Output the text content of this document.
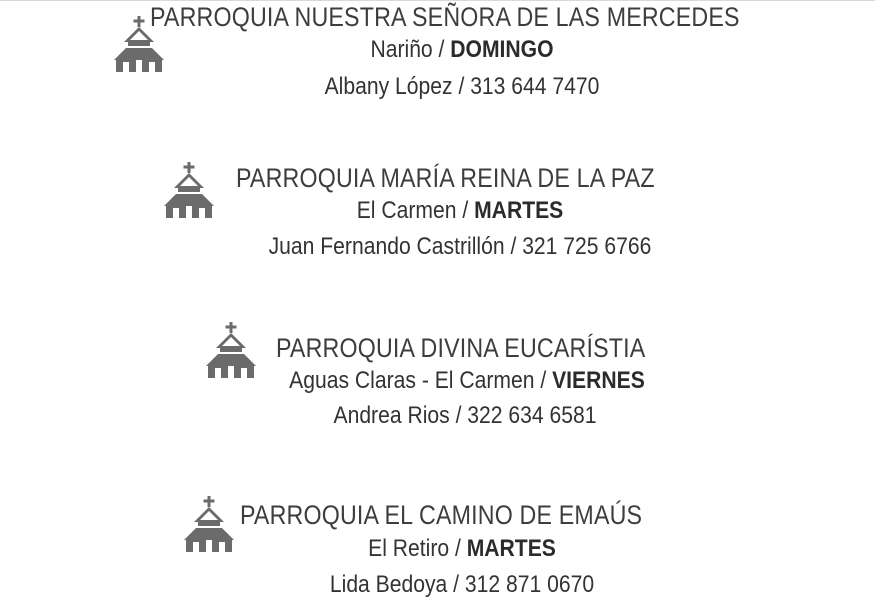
PARROQUIA NUESTRA SEÑORA DE LAS MERCEDES
Nariño / DOMINGO
Albany López / 313 644 7470
PARROQUIA MARÍA REINA DE LA PAZ
El Carmen / MARTES
Juan Fernando Castrillón / 321 725 6766
PARROQUIA DIVINA EUCARÍSTIA
Aguas Claras - El Carmen / VIERNES
Andrea Rios / 322 634 6581
PARROQUIA EL CAMINO DE EMAÚS
El Retiro / MARTES
Lida Bedoya / 312 871 0670
